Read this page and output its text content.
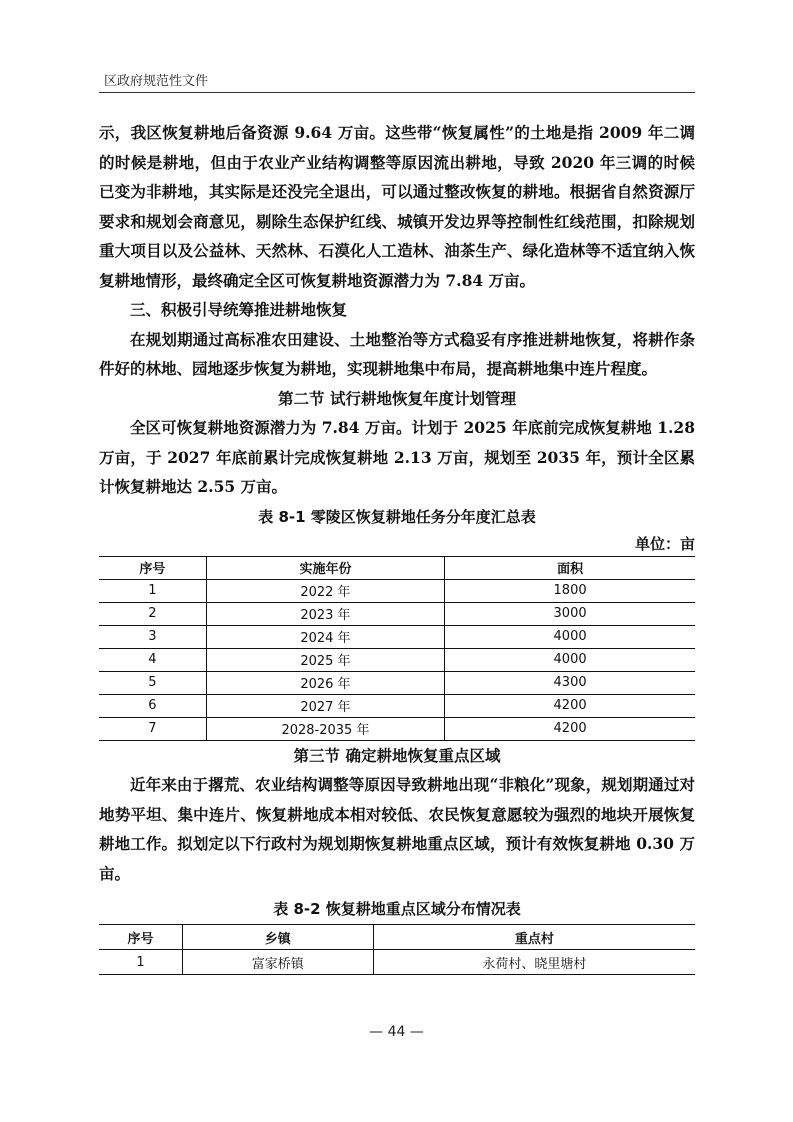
区政府规范性文件

示，我区恢复耕地后备资源 9.64 万亩。这些带“恢复属性”的土地是指 2009 年二调的时候是耕地，但由于农业产业结构调整等原因流出耕地，导致 2020 年三调的时候已变为非耕地，其实际是还没完全退出，可以通过整改恢复的耕地。根据省自然资源厅要求和规划会商意见，剔除生态保护红线、城镇开发边界等控制性红线范围，扣除规划重大项目以及公益林、天然林、石漠化人工造林、油茶生产、绿化造林等不适宜纳入恢复耕地情形，最终确定全区可恢复耕地资源潜力为 7.84 万亩。

三、积极引导统筹推进耕地恢复

在规划期通过高标准农田建设、土地整治等方式稳妥有序推进耕地恢复，将耕作条件好的林地、园地逐步恢复为耕地，实现耕地集中布局，提高耕地集中连片程度。

第二节 试行耕地恢复年度计划管理

全区可恢复耕地资源潜力为 7.84 万亩。计划于 2025 年底前完成恢复耕地 1.28 万亩，于 2027 年底前累计完成恢复耕地 2.13 万亩，规划至 2035 年，预计全区累计恢复耕地达 2.55 万亩。

表 8-1 零陵区恢复耕地任务分年度汇总表

单位：亩

序号	实施年份	面积
1	2022 年	1800
2	2023 年	3000
3	2024 年	4000
4	2025 年	4000
5	2026 年	4300
6	2027 年	4200
7	2028-2035 年	4200

第三节 确定耕地恢复重点区域

近年来由于撂荒、农业结构调整等原因导致耕地出现“非粮化”现象，规划期通过对地势平坦、集中连片、恢复耕地成本相对较低、农民恢复意愿较为强烈的地块开展恢复耕地工作。拟划定以下行政村为规划期恢复耕地重点区域，预计有效恢复耕地 0.30 万亩。

表 8-2 恢复耕地重点区域分布情况表

序号	乡镇	重点村
1	富家桥镇	永荷村、晓里塘村
— 44 —
